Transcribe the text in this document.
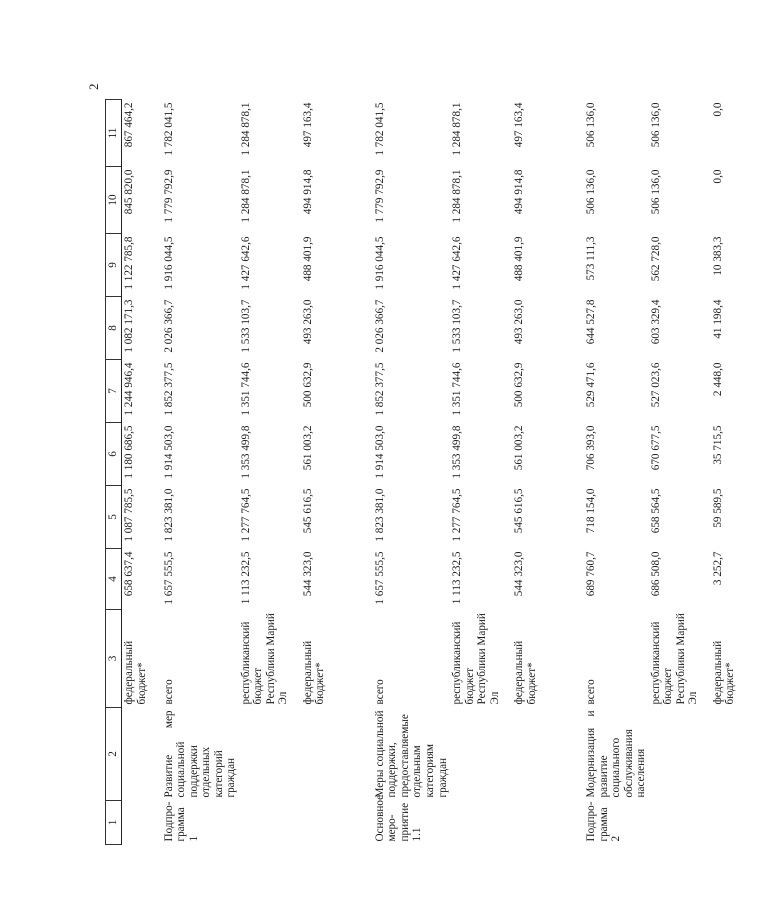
2
1	2	3	4	5	6	7	8	9	10	11
		федеральный бюджет*	658 637,4	1 087 785,5	1 180 686,5	1 244 946,4	1 082 171,3	1 122 785,8	845 820,0	867 464,2
Подпро-грамма 1	Развитие мер социальной поддержки отдельных категорий граждан	всего	1 657 555,5	1 823 381,0	1 914 503,0	1 852 377,5	2 026 366,7	1 916 044,5	1 779 792,9	1 782 041,5
		республиканский бюджет Республики Марий Эл	1 113 232,5	1 277 764,5	1 353 499,8	1 351 744,6	1 533 103,7	1 427 642,6	1 284 878,1	1 284 878,1
		федеральный бюджет*	544 323,0	545 616,5	561 003,2	500 632,9	493 263,0	488 401,9	494 914,8	497 163,4
Основное меро-приятие 1.1	Меры социальной поддержки, предоставляемые отдельным категориям граждан	всего	1 657 555,5	1 823 381,0	1 914 503,0	1 852 377,5	2 026 366,7	1 916 044,5	1 779 792,9	1 782 041,5
		республиканский бюджет Республики Марий Эл	1 113 232,5	1 277 764,5	1 353 499,8	1 351 744,6	1 533 103,7	1 427 642,6	1 284 878,1	1 284 878,1
		федеральный бюджет*	544 323,0	545 616,5	561 003,2	500 632,9	493 263,0	488 401,9	494 914,8	497 163,4
Подпро-грамма 2	Модернизация и развитие социального обслуживания населения	всего	689 760,7	718 154,0	706 393,0	529 471,6	644 527,8	573 111,3	506 136,0	506 136,0
		республиканский бюджет Республики Марий Эл	686 508,0	658 564,5	670 677,5	527 023,6	603 329,4	562 728,0	506 136,0	506 136,0
		федеральный бюджет*	3 252,7	59 589,5	35 715,5	2 448,0	41 198,4	10 383,3	0,0	0,0
